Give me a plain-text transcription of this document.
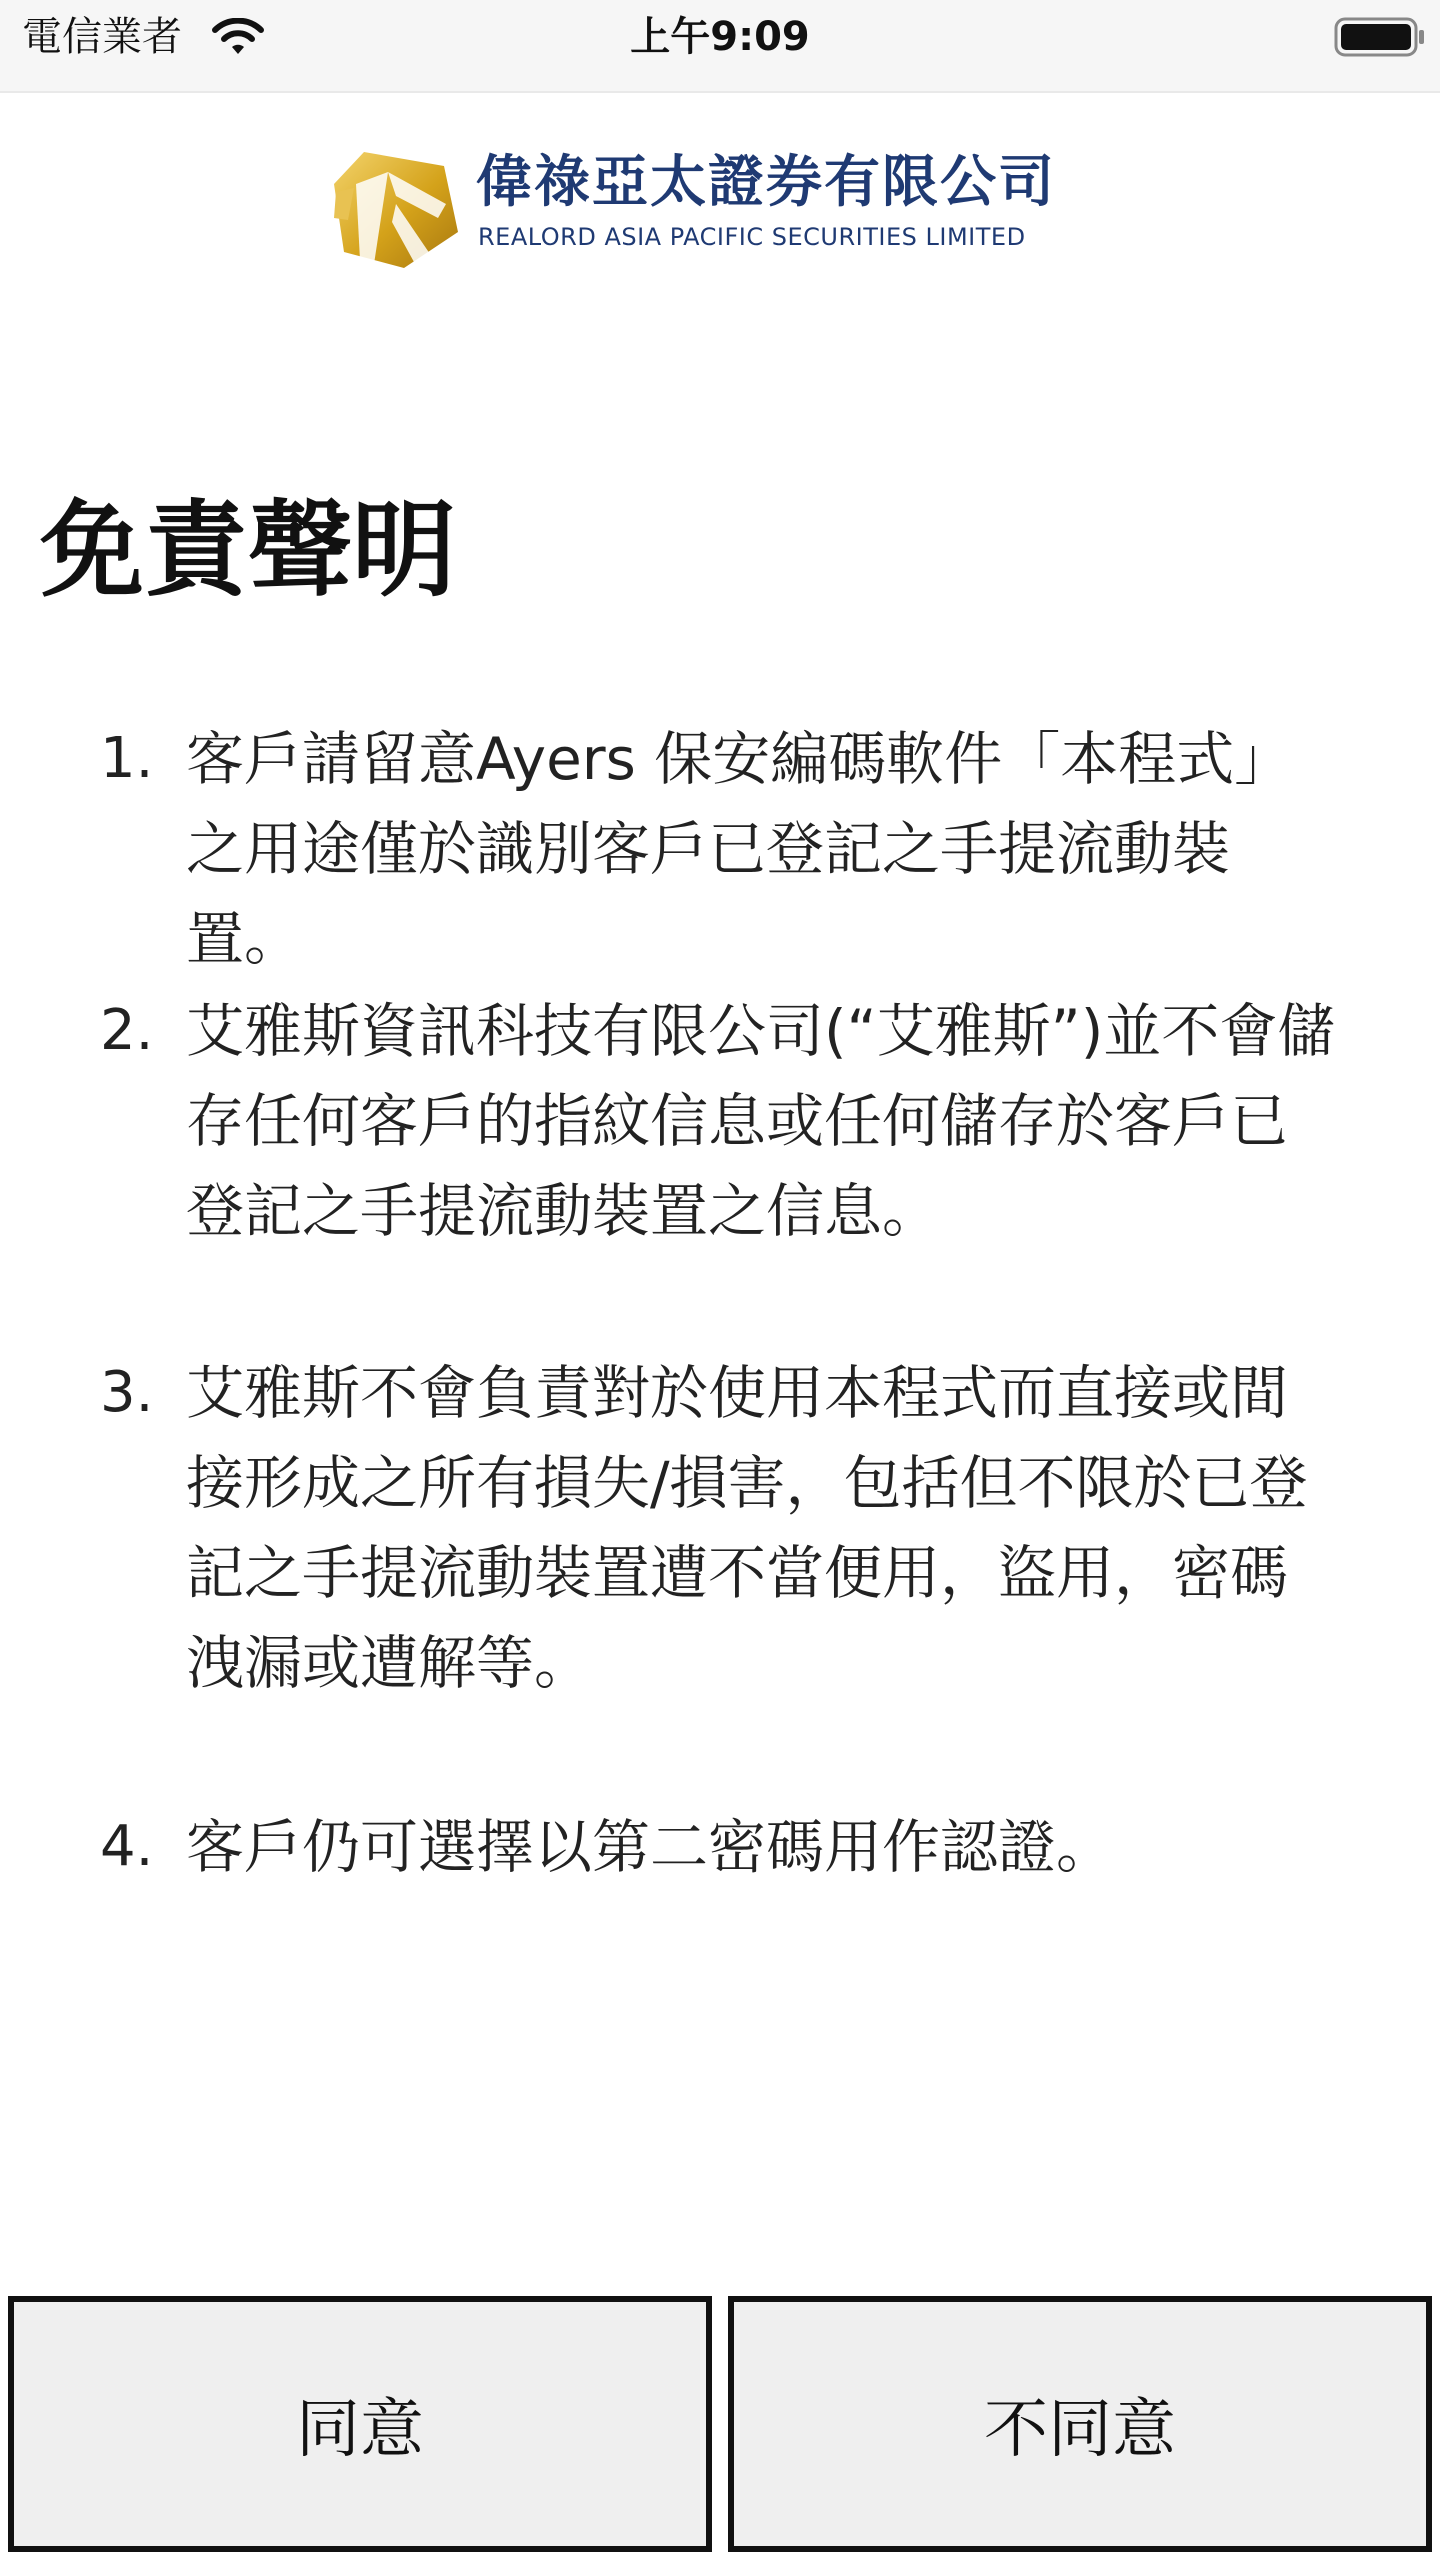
電信業者	上午9:09
偉祿亞太證券有限公司
REALORD ASIA PACIFIC SECURITIES LIMITED
免責聲明
1. 客戶請留意Ayers 保安編碼軟件「本程式」之用途僅於識別客戶已登記之手提流動裝置。
2. 艾雅斯資訊科技有限公司(“艾雅斯”)並不會儲存任何客戶的指紋信息或任何儲存於客戶已登記之手提流動裝置之信息。
3. 艾雅斯不會負責對於使用本程式而直接或間接形成之所有損失/損害，包括但不限於已登記之手提流動裝置遭不當便用，盜用，密碼洩漏或遭解等。
4. 客戶仍可選擇以第二密碼用作認證。
同意	不同意
